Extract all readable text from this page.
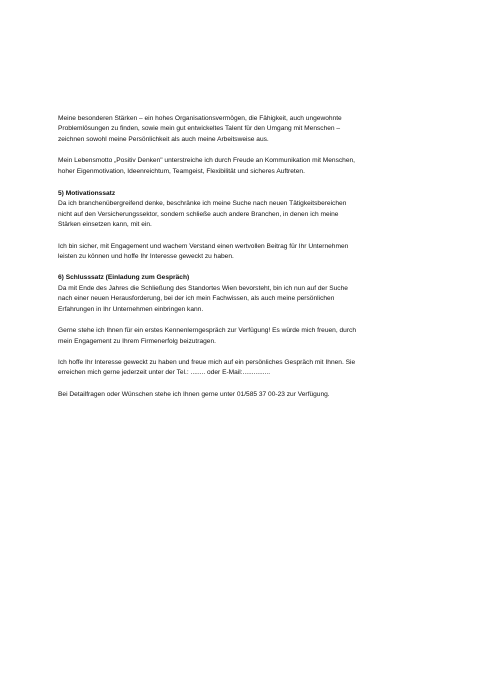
Meine besonderen Stärken – ein hohes Organisationsvermögen, die Fähigkeit, auch ungewohnte
Problemlösungen zu finden, sowie mein gut entwickeltes Talent für den Umgang mit Menschen –
zeichnen sowohl meine Persönlichkeit als auch meine Arbeitsweise aus.

Mein Lebensmotto „Positiv Denken" unterstreiche ich durch Freude an Kommunikation mit Menschen,
hoher Eigenmotivation, Ideenreichtum, Teamgeist, Flexibilität und sicheres Auftreten.

5) Motivationssatz
Da ich branchenübergreifend denke, beschränke ich meine Suche nach neuen Tätigkeitsbereichen
nicht auf den Versicherungssektor, sondern schließe auch andere Branchen, in denen ich meine
Stärken einsetzen kann, mit ein.

Ich bin sicher, mit Engagement und wachem Verstand einen wertvollen Beitrag für Ihr Unternehmen
leisten zu können und hoffe Ihr Interesse geweckt zu haben.

6) Schlusssatz (Einladung zum Gespräch)
Da mit Ende des Jahres die Schließung des Standortes Wien bevorsteht, bin ich nun auf der Suche
nach einer neuen Herausforderung, bei der ich mein Fachwissen, als auch meine persönlichen
Erfahrungen in Ihr Unternehmen einbringen kann.

Gerne stehe ich Ihnen für ein erstes Kennenlerngespräch zur Verfügung! Es würde mich freuen, durch
mein Engagement zu Ihrem Firmenerfolg beizutragen.

Ich hoffe Ihr Interesse geweckt zu haben und freue mich auf ein persönliches Gespräch mit Ihnen. Sie
erreichen mich gerne jederzeit unter der Tel.: ........ oder E-Mail:...............

Bei Detailfragen oder Wünschen stehe ich Ihnen gerne unter 01/585 37 00-23 zur Verfügung.
